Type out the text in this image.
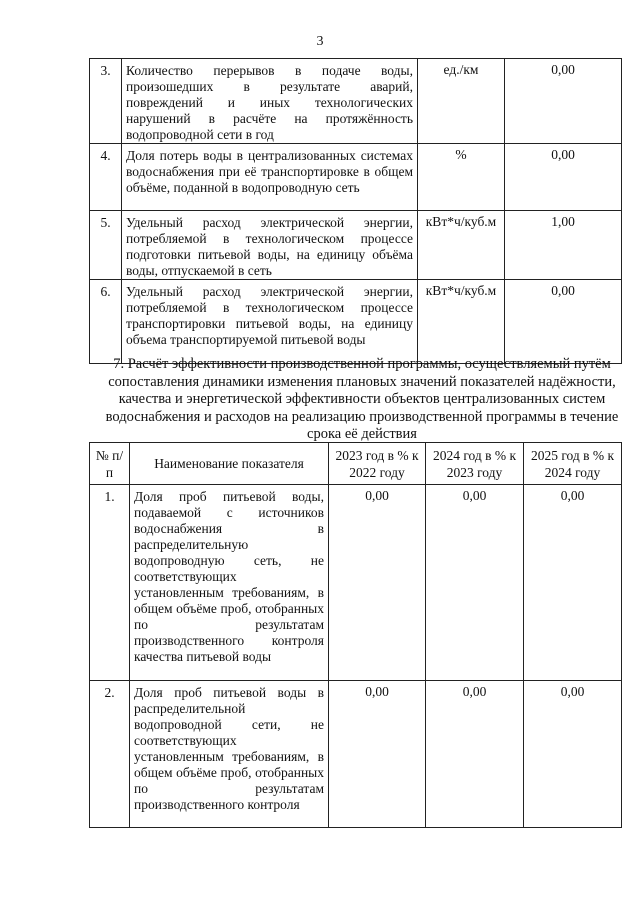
3
3.	Количество перерывов в подаче воды, произошедших в результате аварий, повреждений и иных технологических нарушений в расчёте на протяжённость водопроводной сети в год	ед./км	0,00
4.	Доля потерь воды в централизованных системах водоснабжения при её транспортировке в общем объёме, поданной в водопроводную сеть	%	0,00
5.	Удельный расход электрической энергии, потребляемой в технологическом процессе подготовки питьевой воды, на единицу объёма воды, отпускаемой в сеть	кВт*ч/куб.м	1,00
6.	Удельный расход электрической энергии, потребляемой в технологическом процессе транспортировки питьевой воды, на единицу объема транспортируемой питьевой воды	кВт*ч/куб.м	0,00
7. Расчёт эффективности производственной программы, осуществляемый путём сопоставления динамики изменения плановых значений показателей надёжности, качества и энергетической эффективности объектов централизованных систем водоснабжения и расходов на реализацию производственной программы в течение срока её действия
№ п/п	Наименование показателя	2023 год в % к 2022 году	2024 год в % к 2023 году	2025 год в % к 2024 году
1.	Доля проб питьевой воды, подаваемой с источников водоснабжения в распределительную водопроводную сеть, не соответствующих установленным требованиям, в общем объёме проб, отобранных по результатам производственного контроля качества питьевой воды	0,00	0,00	0,00
2.	Доля проб питьевой воды в распределительной водопроводной сети, не соответствующих установленным требованиям, в общем объёме проб, отобранных по результатам производственного контроля	0,00	0,00	0,00
